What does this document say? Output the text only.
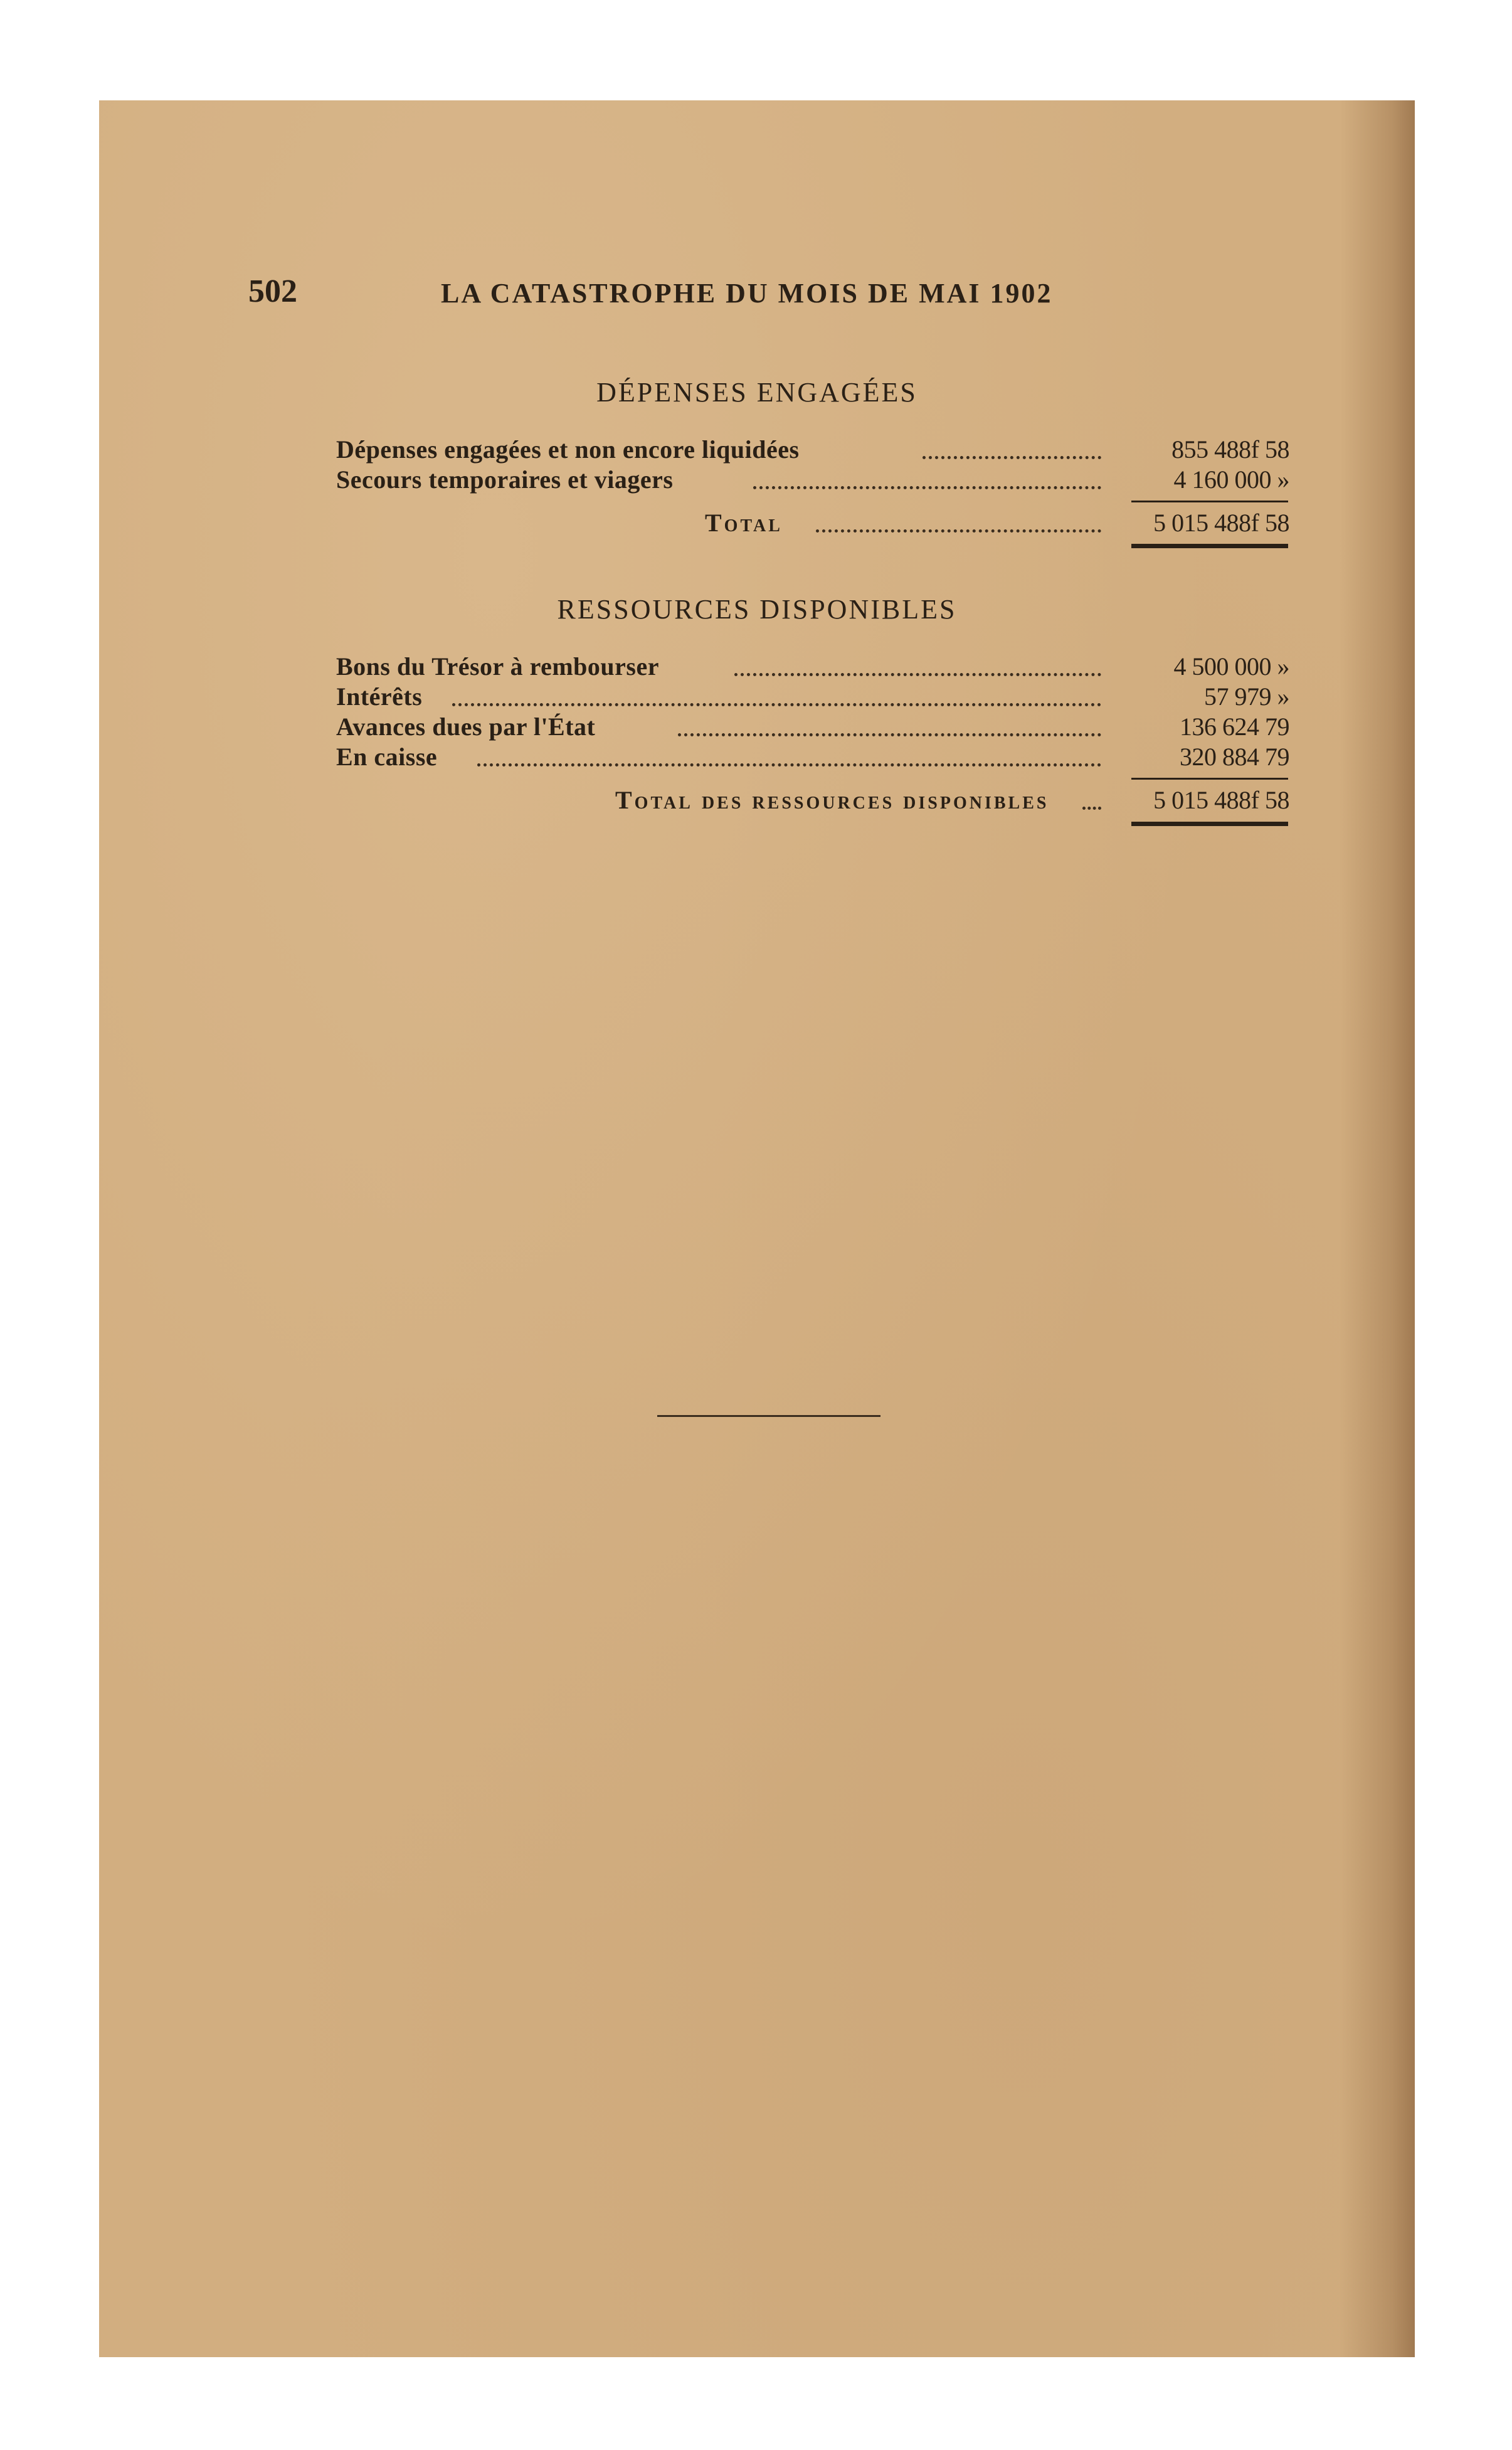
502	LA CATASTROPHE DU MOIS DE MAI 1902
DÉPENSES ENGAGÉES
Dépenses engagées et non encore liquidées	855 488f 58
Secours temporaires et viagers	4 160 000 »
Total	5 015 488f 58
RESSOURCES DISPONIBLES
Bons du Trésor à rembourser	4 500 000 »
Intérêts	57 979 »
Avances dues par l'État	136 624 79
En caisse	320 884 79
Total des ressources disponibles	5 015 488f 58
